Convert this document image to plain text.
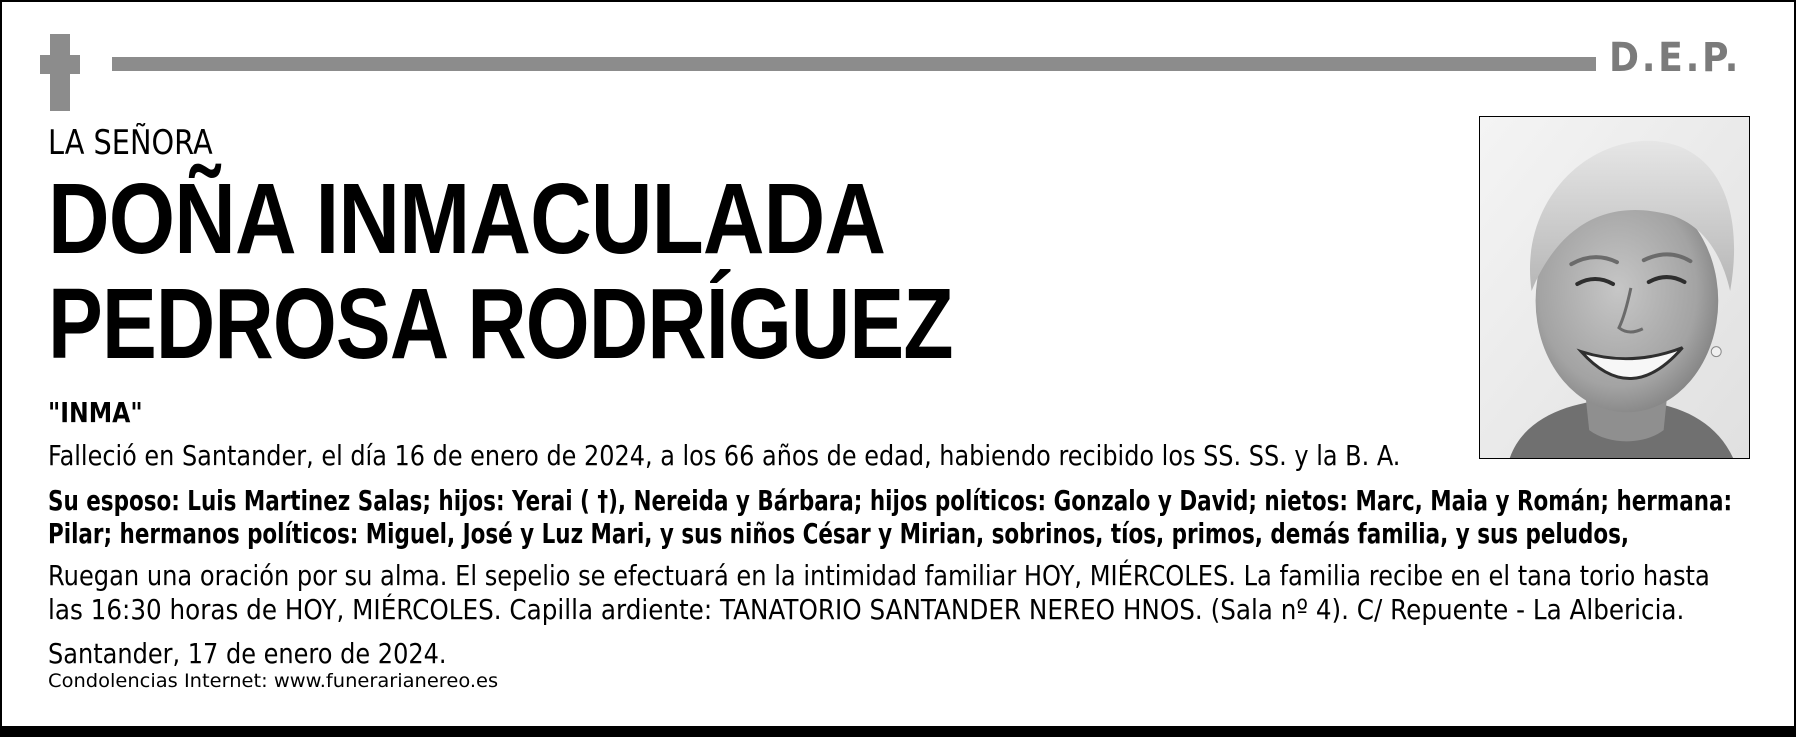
D.E.P.
LA SEÑORA
DOÑA INMACULADA
PEDROSA RODRÍGUEZ
"INMA"
Falleció en Santander, el día 16 de enero de 2024, a los 66 años de edad, habiendo recibido los SS. SS. y la B. A.
Su esposo: Luis Martinez Salas; hijos: Yerai ( †), Nereida y Bárbara; hijos políticos: Gonzalo y David; nietos: Marc, Maia y Román; hermana:
Pilar; hermanos políticos: Miguel, José y Luz Mari, y sus niños César y Mirian, sobrinos, tíos, primos, demás familia, y sus peludos,
Ruegan una oración por su alma. El sepelio se efectuará en la intimidad familiar HOY, MIÉRCOLES. La familia recibe en el tana torio hasta
las 16:30 horas de HOY, MIÉRCOLES. Capilla ardiente: TANATORIO SANTANDER NEREO HNOS. (Sala nº 4). C/ Repuente - La Albericia.
Santander, 17 de enero de 2024.
Condolencias Internet: www.funerarianereo.es
